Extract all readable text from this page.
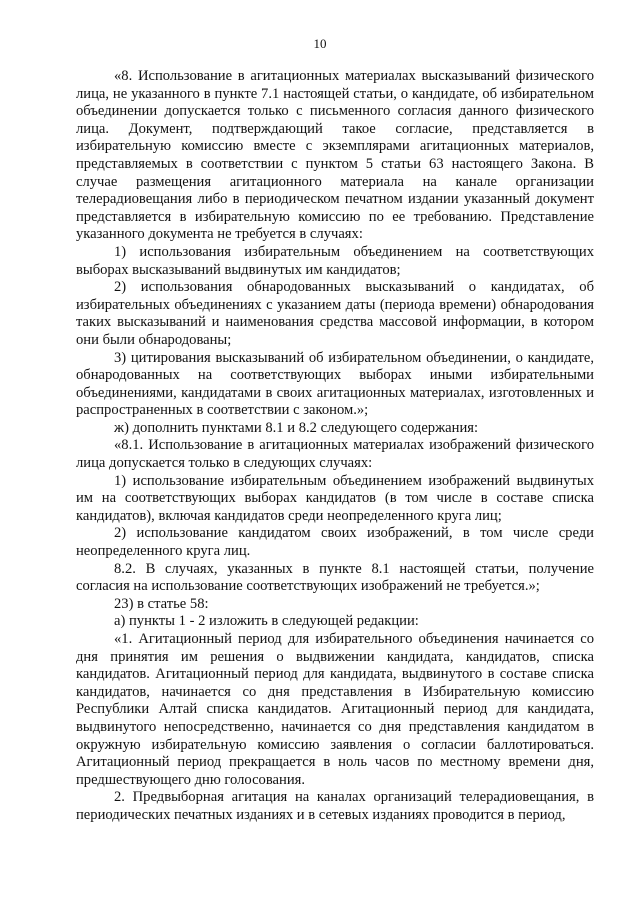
10

«8. Использование в агитационных материалах высказываний физического лица, не указанного в пункте 7.1 настоящей статьи, о кандидате, об избирательном объединении допускается только с письменного согласия данного физического лица. Документ, подтверждающий такое согласие, представляется в избирательную комиссию вместе с экземплярами агитационных материалов, представляемых в соответствии с пунктом 5 статьи 63 настоящего Закона. В случае размещения агитационного материала на канале организации телерадиовещания либо в периодическом печатном издании указанный документ представляется в избирательную комиссию по ее требованию. Представление указанного документа не требуется в случаях:

1) использования избирательным объединением на соответствующих выборах высказываний выдвинутых им кандидатов;

2) использования обнародованных высказываний о кандидатах, об избирательных объединениях с указанием даты (периода времени) обнародования таких высказываний и наименования средства массовой информации, в котором они были обнародованы;

3) цитирования высказываний об избирательном объединении, о кандидате, обнародованных на соответствующих выборах иными избирательными объединениями, кандидатами в своих агитационных материалах, изготовленных и распространенных в соответствии с законом.»;

ж) дополнить пунктами 8.1 и 8.2 следующего содержания:

«8.1. Использование в агитационных материалах изображений физического лица допускается только в следующих случаях:

1) использование избирательным объединением изображений выдвинутых им на соответствующих выборах кандидатов (в том числе в составе списка кандидатов), включая кандидатов среди неопределенного круга лиц;

2) использование кандидатом своих изображений, в том числе среди неопределенного круга лиц.

8.2. В случаях, указанных в пункте 8.1 настоящей статьи, получение согласия на использование соответствующих изображений не требуется.»;

23) в статье 58:

а) пункты 1 - 2 изложить в следующей редакции:

«1. Агитационный период для избирательного объединения начинается со дня принятия им решения о выдвижении кандидата, кандидатов, списка кандидатов. Агитационный период для кандидата, выдвинутого в составе списка кандидатов, начинается со дня представления в Избирательную комиссию Республики Алтай списка кандидатов. Агитационный период для кандидата, выдвинутого непосредственно, начинается со дня представления кандидатом в окружную избирательную комиссию заявления о согласии баллотироваться. Агитационный период прекращается в ноль часов по местному времени дня, предшествующего дню голосования.

2. Предвыборная агитация на каналах организаций телерадиовещания, в периодических печатных изданиях и в сетевых изданиях проводится в период,
